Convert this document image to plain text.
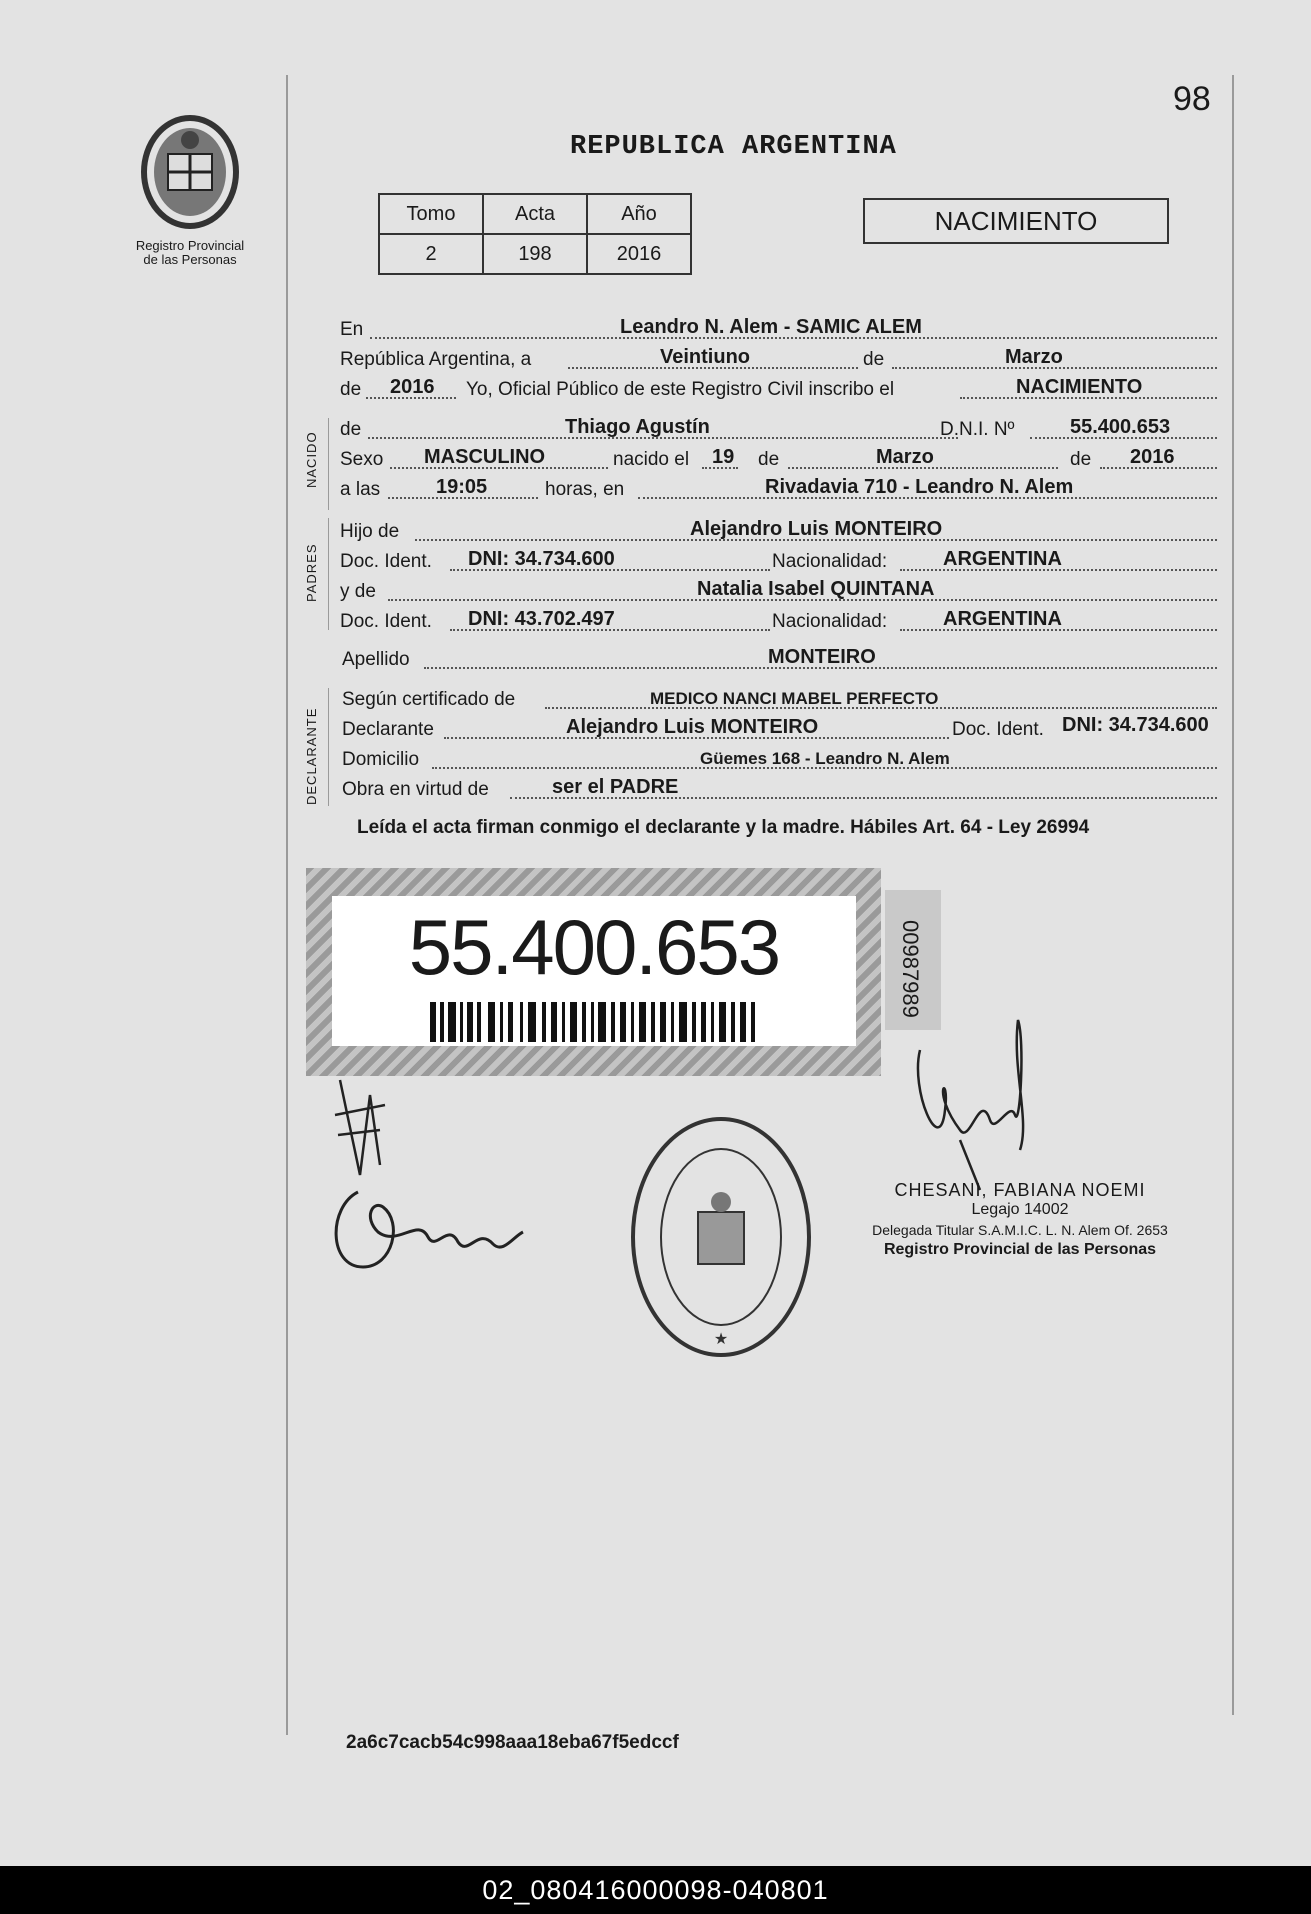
98
Registro Provincial
de las Personas
REPUBLICA ARGENTINA
Tomo	Acta	Año
2	198	2016
NACIMIENTO
En	Leandro N. Alem - SAMIC ALEM
República Argentina, a	Veintiuno	de	Marzo
de 2016 Yo, Oficial Público de este Registro Civil inscribo el	NACIMIENTO
NACIDO
de	Thiago Agustín	D.N.I. Nº	55.400.653
Sexo MASCULINO	nacido el 19 de	Marzo	de 2016
a las	19:05	horas, en	Rivadavia 710 - Leandro N. Alem
PADRES
Hijo de	Alejandro Luis MONTEIRO
Doc. Ident. DNI: 34.734.600	Nacionalidad:	ARGENTINA
y de	Natalia Isabel QUINTANA
Doc. Ident. DNI: 43.702.497	Nacionalidad:	ARGENTINA
Apellido	MONTEIRO
DECLARANTE
Según certificado de	MEDICO NANCI MABEL PERFECTO
Declarante	Alejandro Luis MONTEIRO	Doc. Ident. DNI: 34.734.600
Domicilio	Güemes 168 - Leandro N. Alem
Obra en virtud de	ser el PADRE
Leída el acta firman conmigo el declarante y la madre. Hábiles Art. 64 - Ley 26994
55.400.653	00987989
★
CHESANI, FABIANA NOEMI
Legajo 14002
Delegada Titular S.A.M.I.C. L. N. Alem Of. 2653
Registro Provincial de las Personas
2a6c7cacb54c998aaa18eba67f5edccf
02_080416000098-040801
